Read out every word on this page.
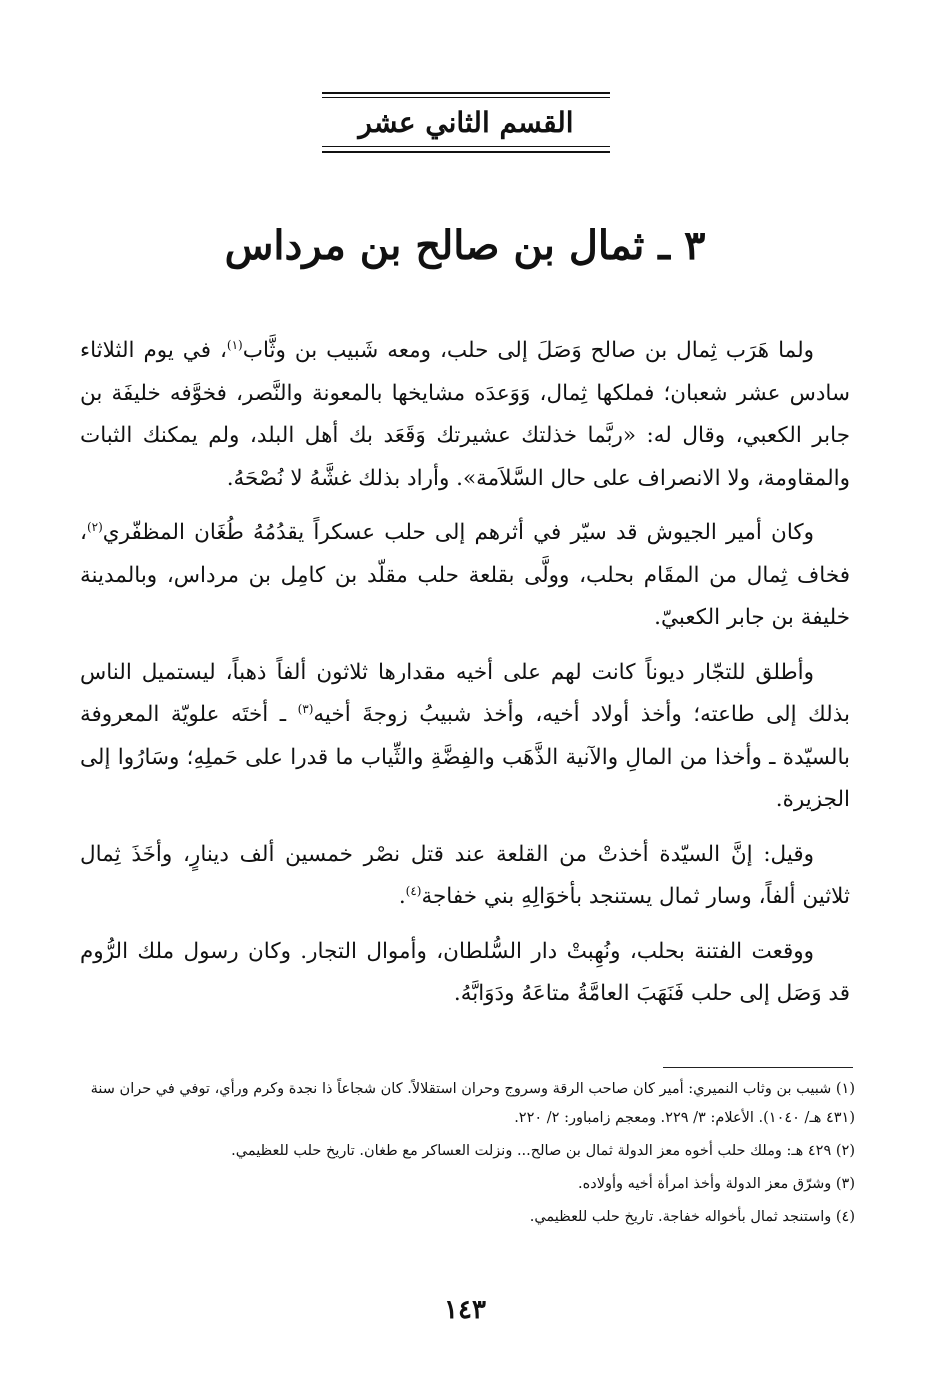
القسم الثاني عشر
٣ ـ ثمال بن صالح بن مرداس

ولما هَرَب ثِمال بن صالح وَصَلَ إلى حلب، ومعه شَبيب بن وثَّاب$^{(١)}$، في يوم الثلاثاء سادس عشر شعبان؛ فملكها ثِمال، وَوَعدَه مشايخها بالمعونة والنَّصر، فخوَّفه خليفَة بن جابر الكعبي، وقال له: «ربَّما خذلتك عشيرتك وَقَعَد بك أهل البلد، ولم يمكنك الثبات والمقاومة، ولا الانصراف على حال السَّلاَمة». وأراد بذلك غشَّهُ لا نُصْحَهُ.

وكان أمير الجيوش قد سيّر في أثرهم إلى حلب عسكراً يقدُمُهُ طُغَان المظفّري$^{(٢)}$، فخاف ثِمال من المقَام بحلب، وولَّى بقلعة حلب مقلّد بن كامِل بن مرداس، وبالمدينة خليفة بن جابر الكعبيّ.

وأطلق للتجّار ديوناً كانت لهم على أخيه مقدارها ثلاثون ألفاً ذهباً، ليستميل الناس بذلك إلى طاعته؛ وأخذ أولاد أخيه، وأخذ شبيبُ زوجةَ أخيه$^{(٣)}$ ـ أختَه علويّة المعروفة بالسيّدة ـ وأخذا من المالِ والآنية الذَّهَب والفِضَّةِ والثِّياب ما قدرا على حَملِهِ؛ وسَارُوا إلى الجزيرة.

وقيل: إنَّ السيّدة أخذتْ من القلعة عند قتل نصْر خمسين ألف دينارٍ، وأخَذَ ثِمال ثلاثين ألفاً، وسار ثمال يستنجد بأخوَالِهِ بني خفاجة$^{(٤)}$.

ووقعت الفتنة بحلب، ونُهِبتْ دار السُّلطان، وأموال التجار. وكان رسول ملك الرُّوم قد وَصَل إلى حلب فَنَهَبَ العامَّةُ متاعَهُ ودَوَابَّهُ.

(١) شبيب بن وثاب النميري: أمير كان صاحب الرقة وسروج وحران استقلالاً. كان شجاعاً ذا نجدة وكرم ورأي، توفي في حران سنة (٤٣١ هـ/ ١٠٤٠). الأعلام: ٣/ ٢٢٩. ومعجم زامباور: ٢/ ٢٢٠.

(٢) ٤٢٩ هـ: وملك حلب أخوه معز الدولة ثمال بن صالح... ونزلت العساكر مع طغان. تاريخ حلب للعظيمي.

(٣) وشرّق معز الدولة وأخذ امرأة أخيه وأولاده.

(٤) واستنجد ثمال بأخواله خفاجة. تاريخ حلب للعظيمي.

١٤٣
